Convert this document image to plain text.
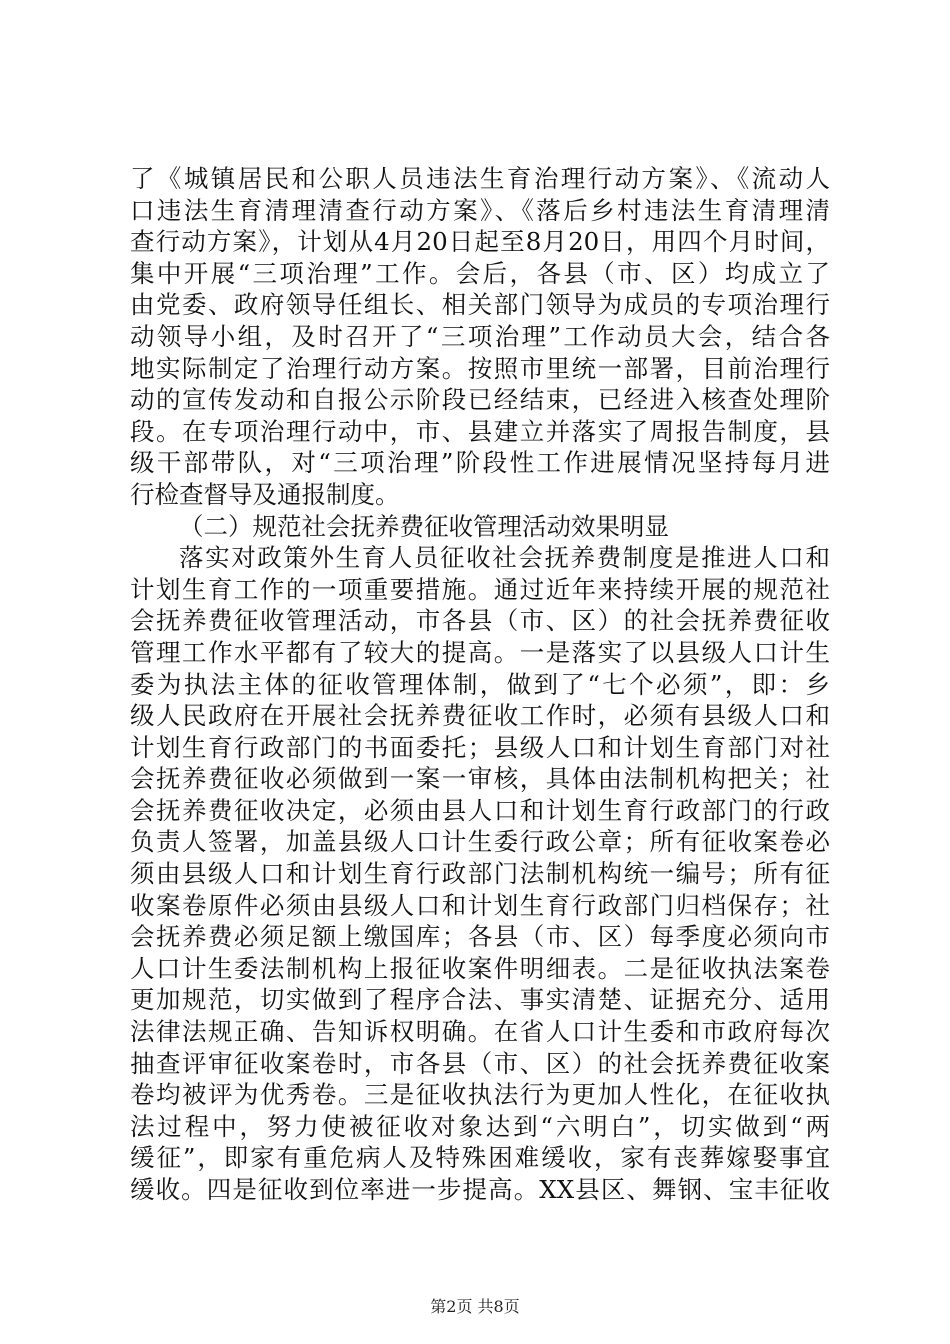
了《城镇居民和公职人员违法生育治理行动方案》、《流动人
口违法生育清理清查行动方案》、《落后乡村违法生育清理清
查行动方案》，计划从4月20日起至8月20日，用四个月时间，
集中开展“三项治理”工作。会后，各县（市、区）均成立了
由党委、政府领导任组长、相关部门领导为成员的专项治理行
动领导小组，及时召开了“三项治理”工作动员大会，结合各
地实际制定了治理行动方案。按照市里统一部署，目前治理行
动的宣传发动和自报公示阶段已经结束，已经进入核查处理阶
段。在专项治理行动中，市、县建立并落实了周报告制度，县
级干部带队，对“三项治理”阶段性工作进展情况坚持每月进
行检查督导及通报制度。
（二）规范社会抚养费征收管理活动效果明显
落实对政策外生育人员征收社会抚养费制度是推进人口和
计划生育工作的一项重要措施。通过近年来持续开展的规范社
会抚养费征收管理活动，市各县（市、区）的社会抚养费征收
管理工作水平都有了较大的提高。一是落实了以县级人口计生
委为执法主体的征收管理体制，做到了“七个必须”，即：乡
级人民政府在开展社会抚养费征收工作时，必须有县级人口和
计划生育行政部门的书面委托；县级人口和计划生育部门对社
会抚养费征收必须做到一案一审核，具体由法制机构把关；社
会抚养费征收决定，必须由县人口和计划生育行政部门的行政
负责人签署，加盖县级人口计生委行政公章；所有征收案卷必
须由县级人口和计划生育行政部门法制机构统一编号；所有征
收案卷原件必须由县级人口和计划生育行政部门归档保存；社
会抚养费必须足额上缴国库；各县（市、区）每季度必须向市
人口计生委法制机构上报征收案件明细表。二是征收执法案卷
更加规范，切实做到了程序合法、事实清楚、证据充分、适用
法律法规正确、告知诉权明确。在省人口计生委和市政府每次
抽查评审征收案卷时，市各县（市、区）的社会抚养费征收案
卷均被评为优秀卷。三是征收执法行为更加人性化，在征收执
法过程中，努力使被征收对象达到“六明白”，切实做到“两
缓征”，即家有重危病人及特殊困难缓收，家有丧葬嫁娶事宜
缓收。四是征收到位率进一步提高。XX县区、舞钢、宝丰征收
第2页 共8页
